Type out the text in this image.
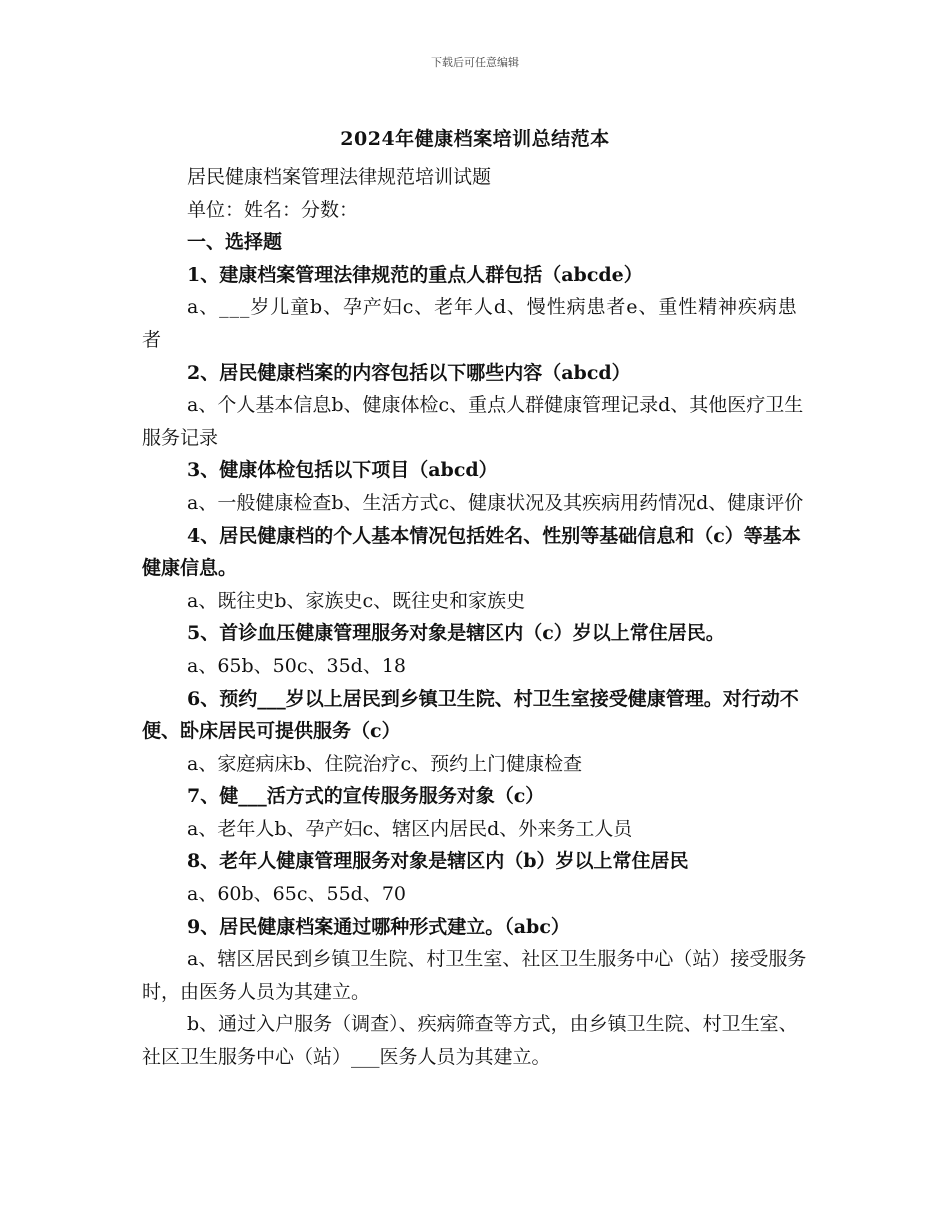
下载后可任意编辑
2024年健康档案培训总结范本

居民健康档案管理法律规范培训试题

单位：姓名：分数：

一、选择题

1、建康档案管理法律规范的重点人群包括（abcde）

a、___岁儿童b、孕产妇c、老年人d、慢性病患者e、重性精神疾病患者

2、居民健康档案的内容包括以下哪些内容（abcd）

a、个人基本信息b、健康体检c、重点人群健康管理记录d、其他医疗卫生服务记录

3、健康体检包括以下项目（abcd）

a、一般健康检查b、生活方式c、健康状况及其疾病用药情况d、健康评价

4、居民健康档的个人基本情况包括姓名、性别等基础信息和（c）等基本健康信息。

a、既往史b、家族史c、既往史和家族史

5、首诊血压健康管理服务对象是辖区内（c）岁以上常住居民。

a、65b、50c、35d、18

6、预约___岁以上居民到乡镇卫生院、村卫生室接受健康管理。对行动不便、卧床居民可提供服务（c）

a、家庭病床b、住院治疗c、预约上门健康检查

7、健___活方式的宣传服务服务对象（c）

a、老年人b、孕产妇c、辖区内居民d、外来务工人员

8、老年人健康管理服务对象是辖区内（b）岁以上常住居民

a、60b、65c、55d、70

9、居民健康档案通过哪种形式建立。（abc）

a、辖区居民到乡镇卫生院、村卫生室、社区卫生服务中心（站）接受服务时，由医务人员为其建立。

b、通过入户服务（调查）、疾病筛查等方式，由乡镇卫生院、村卫生室、社区卫生服务中心（站）___医务人员为其建立。
